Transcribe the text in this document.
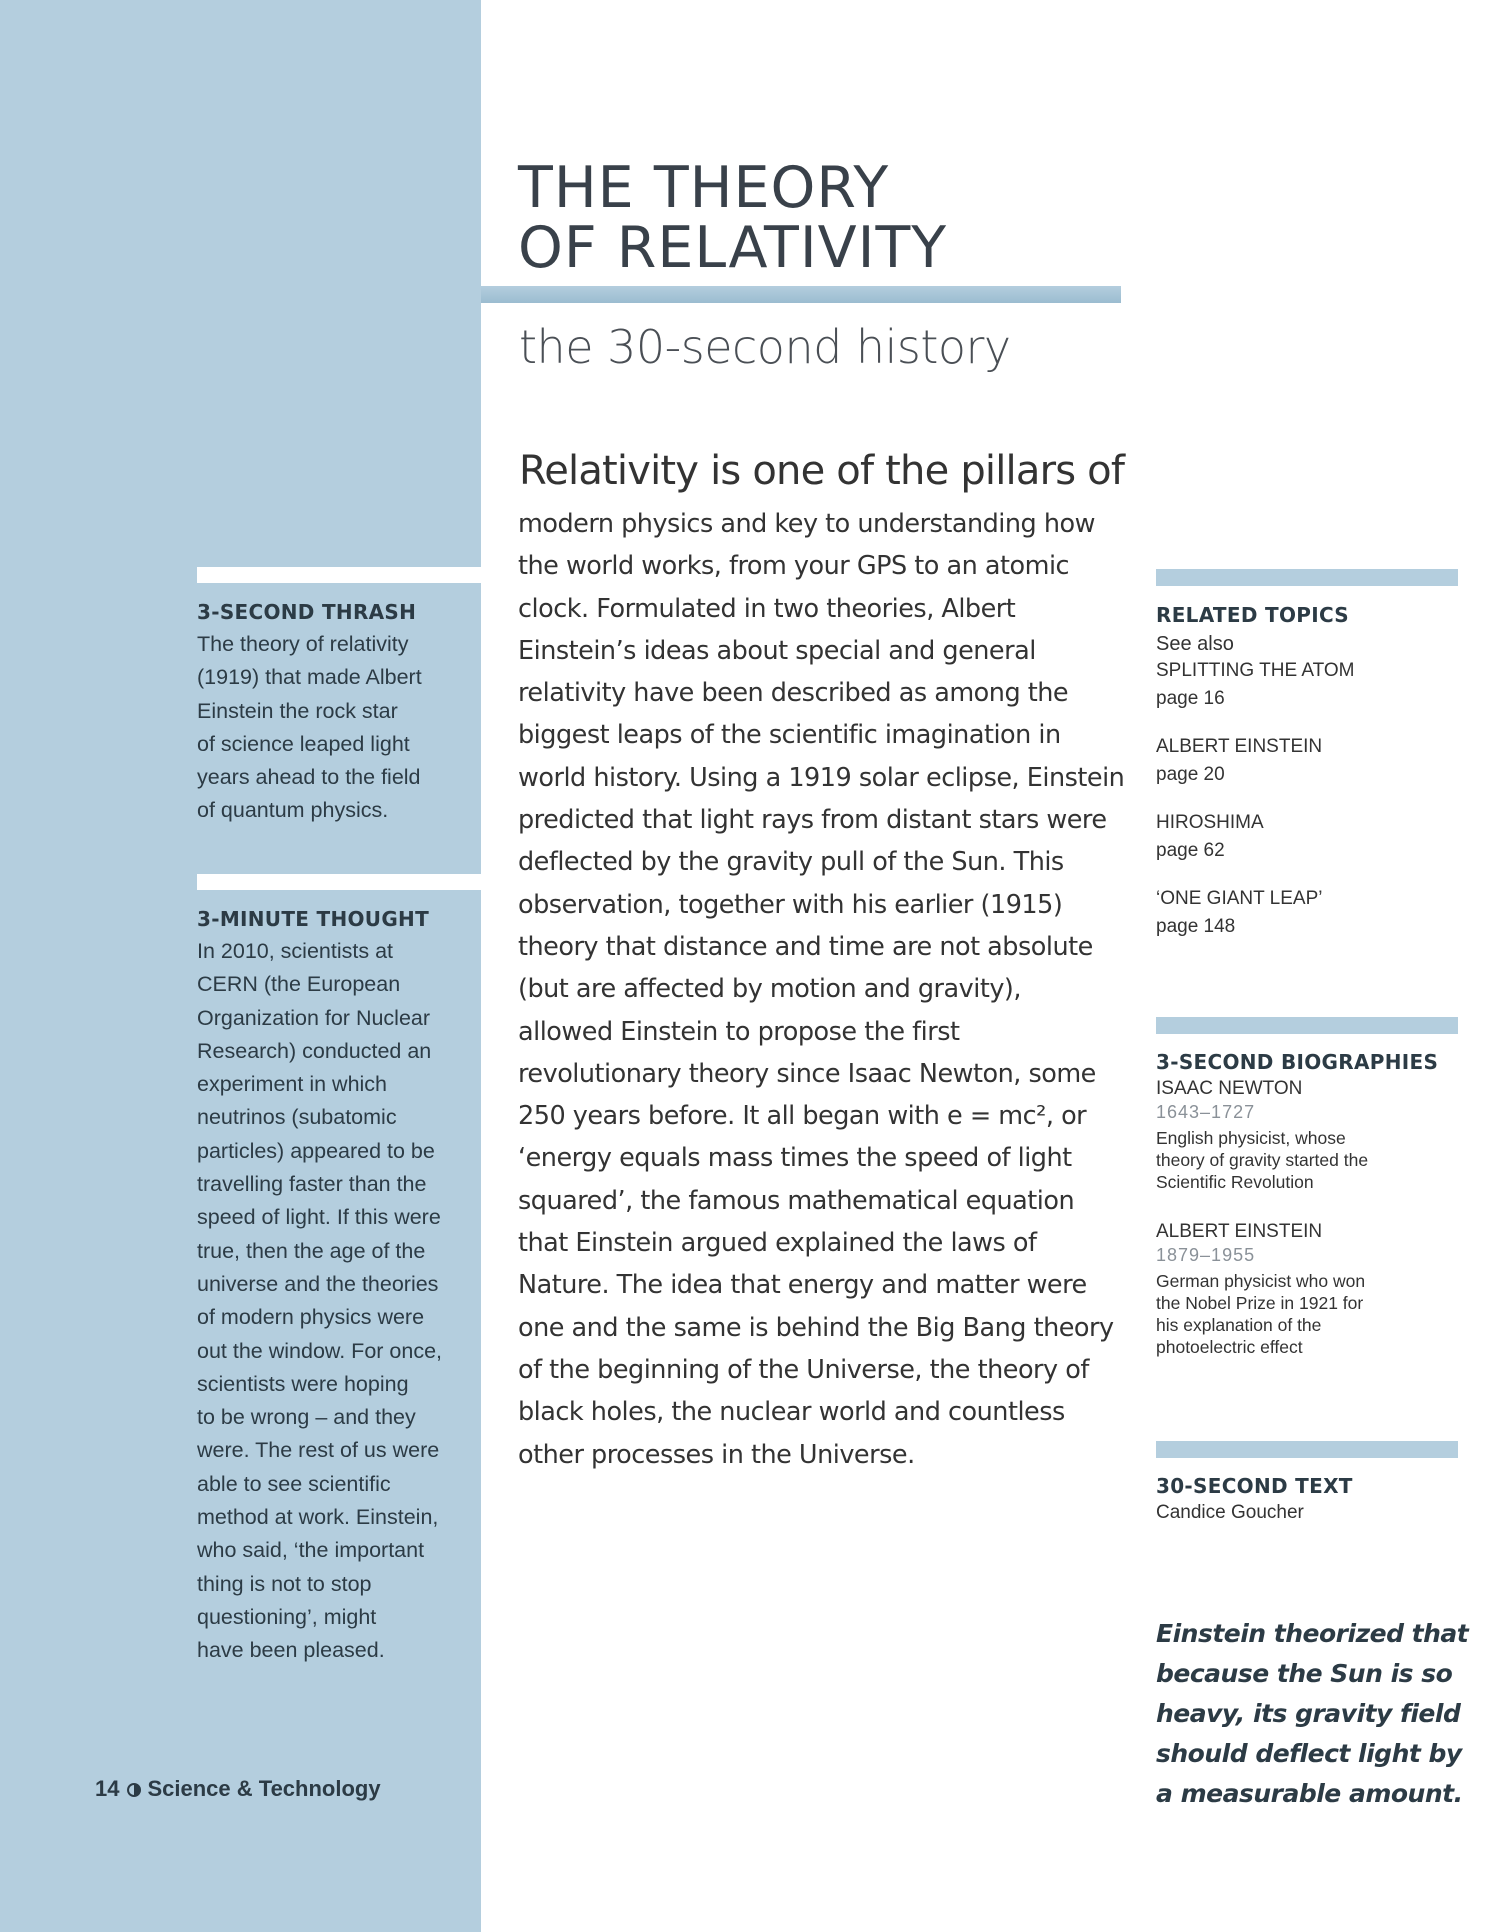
3-SECOND THRASH
The theory of relativity
(1919) that made Albert
Einstein the rock star
of science leaped light
years ahead to the field
of quantum physics.
3-MINUTE THOUGHT
In 2010, scientists at
CERN (the European
Organization for Nuclear
Research) conducted an
experiment in which
neutrinos (subatomic
particles) appeared to be
travelling faster than the
speed of light. If this were
true, then the age of the
universe and the theories
of modern physics were
out the window. For once,
scientists were hoping
to be wrong – and they
were. The rest of us were
able to see scientific
method at work. Einstein,
who said, ‘the important
thing is not to stop
questioning’, might
have been pleased.
14 Science & Technology
THE THEORY
OF RELATIVITY
the 30-second history
Relativity is one of the pillars of
modern physics and key to understanding how
the world works, from your GPS to an atomic
clock. Formulated in two theories, Albert
Einstein’s ideas about special and general
relativity have been described as among the
biggest leaps of the scientific imagination in
world history. Using a 1919 solar eclipse, Einstein
predicted that light rays from distant stars were
deflected by the gravity pull of the Sun. This
observation, together with his earlier (1915)
theory that distance and time are not absolute
(but are affected by motion and gravity),
allowed Einstein to propose the first
revolutionary theory since Isaac Newton, some
250 years before. It all began with e = mc², or
‘energy equals mass times the speed of light
squared’, the famous mathematical equation
that Einstein argued explained the laws of
Nature. The idea that energy and matter were
one and the same is behind the Big Bang theory
of the beginning of the Universe, the theory of
black holes, the nuclear world and countless
other processes in the Universe.
RELATED TOPICS
See also
SPLITTING THE ATOM
page 16
ALBERT EINSTEIN
page 20
HIROSHIMA
page 62
‘ONE GIANT LEAP’
page 148
3-SECOND BIOGRAPHIES
ISAAC NEWTON
1643–1727
English physicist, whose
theory of gravity started the
Scientific Revolution
ALBERT EINSTEIN
1879–1955
German physicist who won
the Nobel Prize in 1921 for
his explanation of the
photoelectric effect
30-SECOND TEXT
Candice Goucher
Einstein theorized that
because the Sun is so
heavy, its gravity field
should deflect light by
a measurable amount.
